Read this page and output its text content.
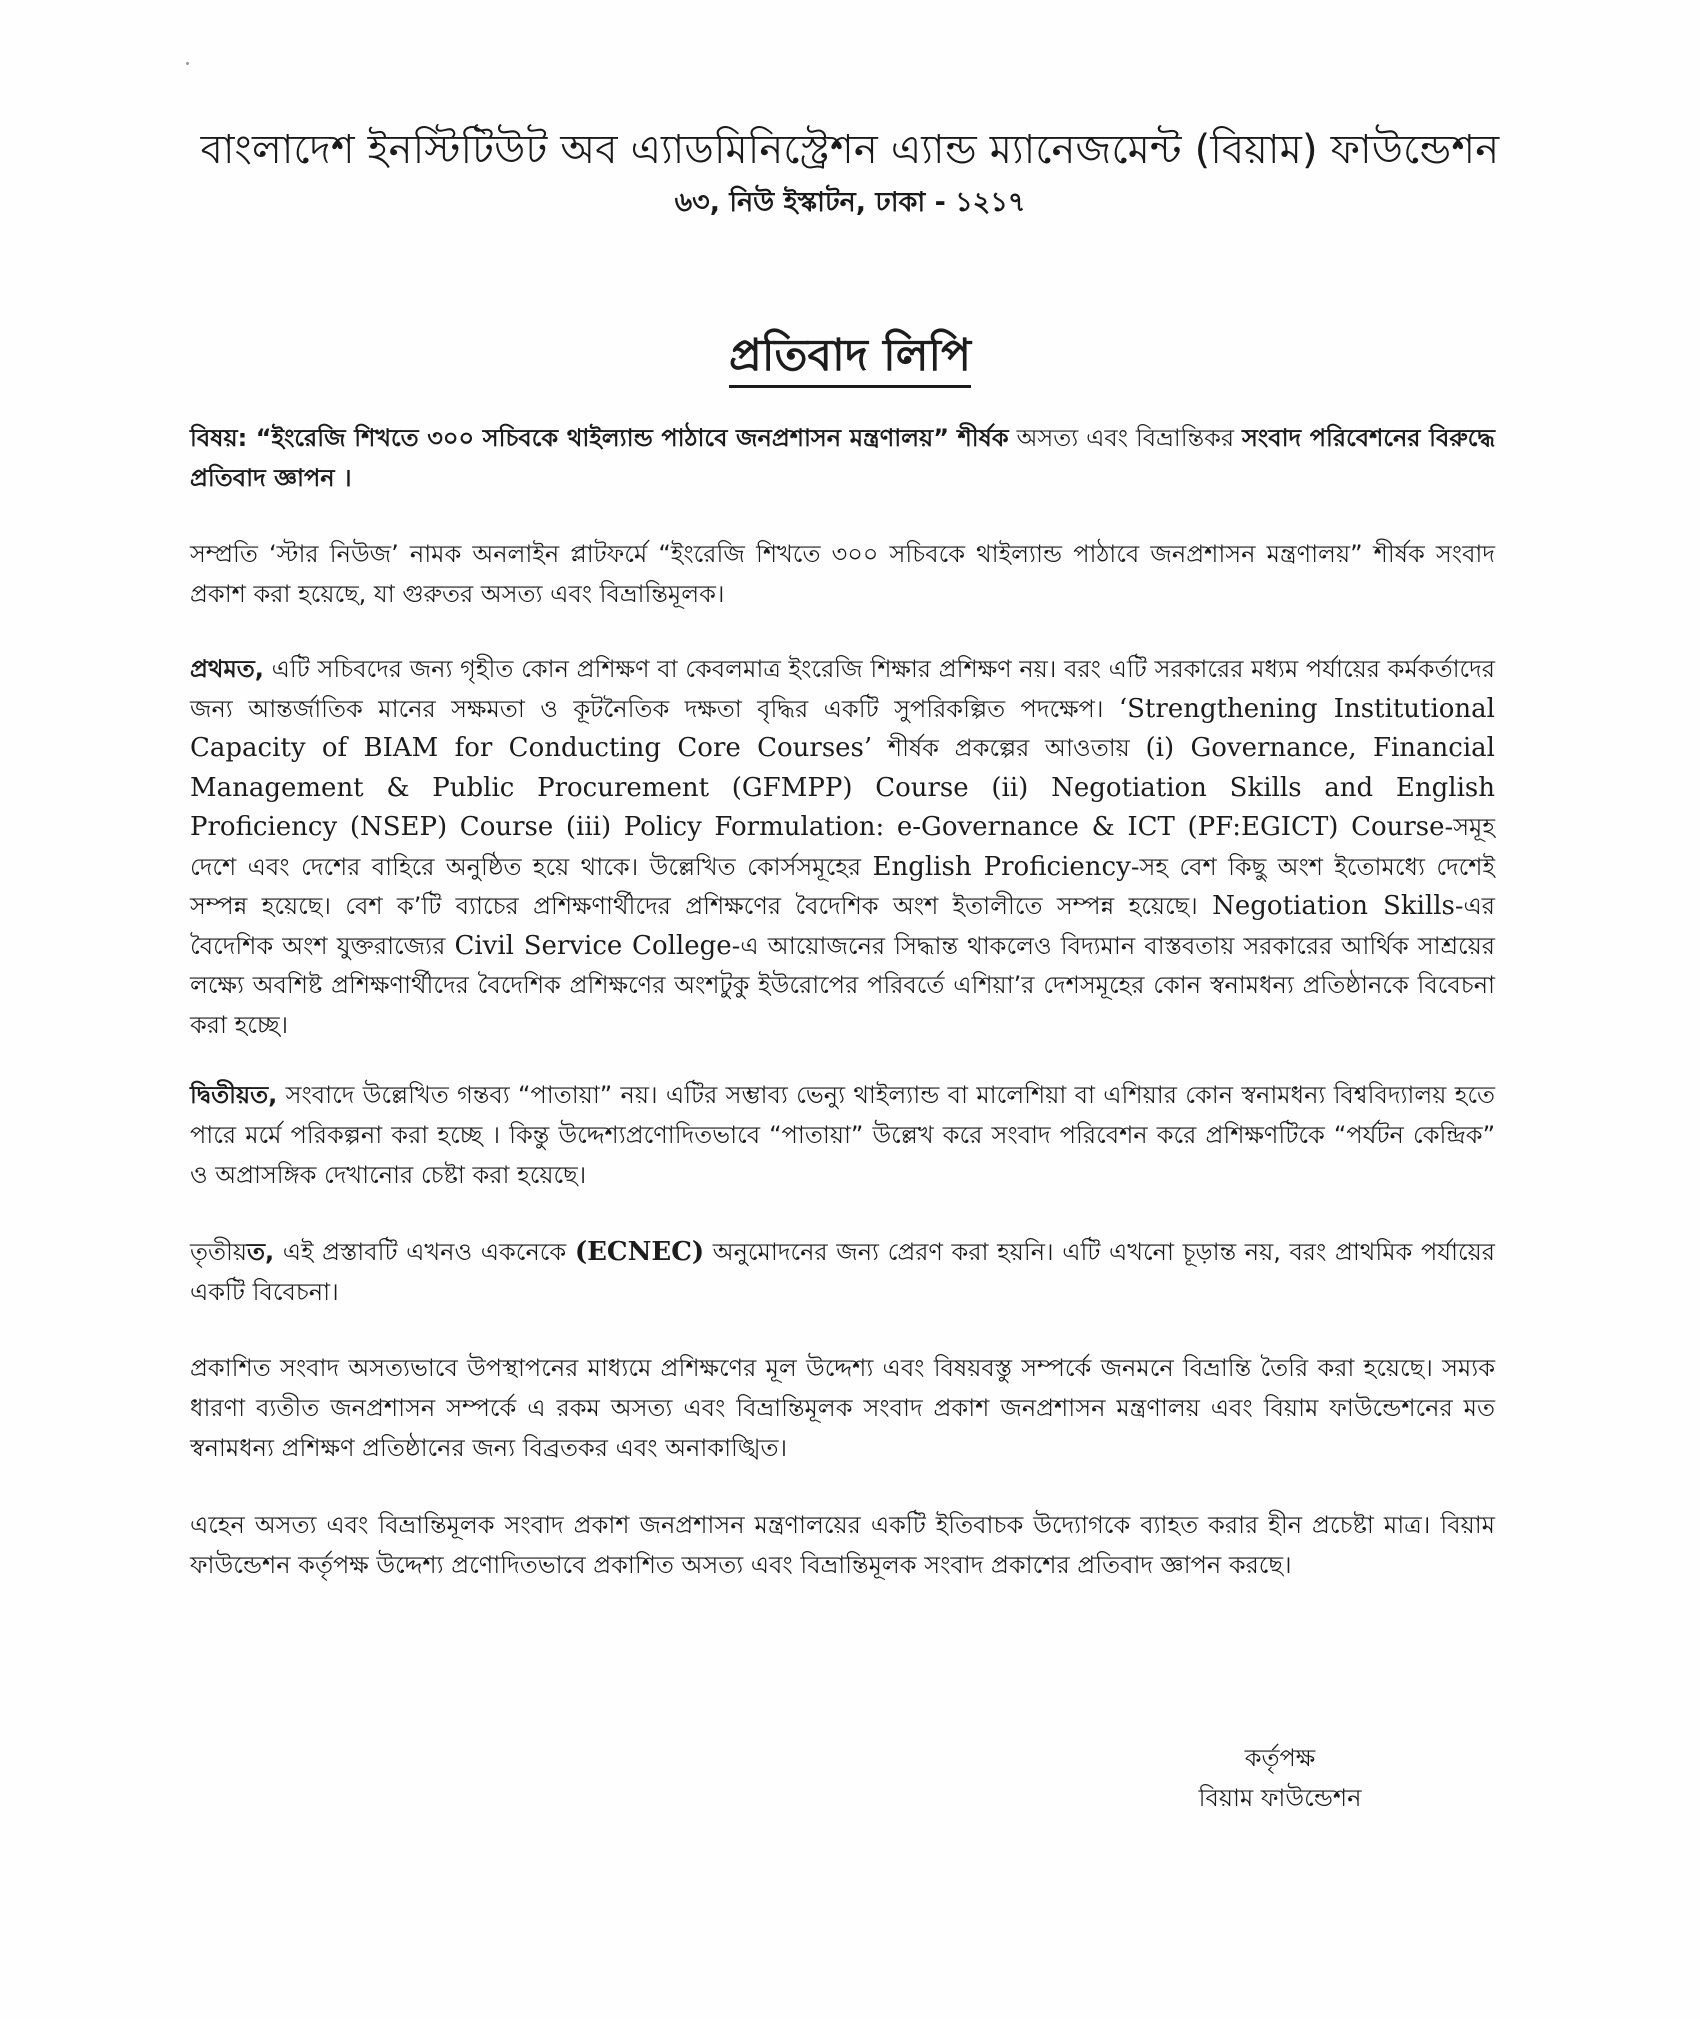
বাংলাদেশ ইনস্টিটিউট অব এ্যাডমিনিস্ট্রেশন এ্যান্ড ম্যানেজমেন্ট (বিয়াম) ফাউন্ডেশন
৬৩, নিউ ইস্কাটন, ঢাকা - ১২১৭
প্রতিবাদ লিপি
বিষয়: “ইংরেজি শিখতে ৩০০ সচিবকে থাইল্যান্ড পাঠাবে জনপ্রশাসন মন্ত্রণালয়” শীর্ষক অসত্য এবং বিভ্রান্তিকর সংবাদ পরিবেশনের বিরুদ্ধে প্রতিবাদ জ্ঞাপন ।
সম্প্রতি ‘স্টার নিউজ’ নামক অনলাইন প্লাটফর্মে “ইংরেজি শিখতে ৩০০ সচিবকে থাইল্যান্ড পাঠাবে জনপ্রশাসন মন্ত্রণালয়” শীর্ষক সংবাদ প্রকাশ করা হয়েছে, যা গুরুতর অসত্য এবং বিভ্রান্তিমূলক।
প্রথমত, এটি সচিবদের জন্য গৃহীত কোন প্রশিক্ষণ বা কেবলমাত্র ইংরেজি শিক্ষার প্রশিক্ষণ নয়। বরং এটি সরকারের মধ্যম পর্যায়ের কর্মকর্তাদের জন্য আন্তর্জাতিক মানের সক্ষমতা ও কূটনৈতিক দক্ষতা বৃদ্ধির একটি সুপরিকল্পিত পদক্ষেপ। ‘Strengthening Institutional Capacity of BIAM for Conducting Core Courses’ শীর্ষক প্রকল্পের আওতায় (i) Governance, Financial Management & Public Procurement (GFMPP) Course (ii) Negotiation Skills and English Proficiency (NSEP) Course (iii) Policy Formulation: e-Governance & ICT (PF:EGICT) Course-সমূহ দেশে এবং দেশের বাহিরে অনুষ্ঠিত হয়ে থাকে। উল্লেখিত কোর্সসমূহের English Proficiency-সহ বেশ কিছু অংশ ইতোমধ্যে দেশেই সম্পন্ন হয়েছে। বেশ ক’টি ব্যাচের প্রশিক্ষণার্থীদের প্রশিক্ষণের বৈদেশিক অংশ ইতালীতে সম্পন্ন হয়েছে। Negotiation Skills-এর বৈদেশিক অংশ যুক্তরাজ্যের Civil Service College-এ আয়োজনের সিদ্ধান্ত থাকলেও বিদ্যমান বাস্তবতায় সরকারের আর্থিক সাশ্রয়ের লক্ষ্যে অবশিষ্ট প্রশিক্ষণার্থীদের বৈদেশিক প্রশিক্ষণের অংশটুকু ইউরোপের পরিবর্তে এশিয়া’র দেশসমূহের কোন স্বনামধন্য প্রতিষ্ঠানকে বিবেচনা করা হচ্ছে।
দ্বিতীয়ত, সংবাদে উল্লেখিত গন্তব্য “পাতায়া” নয়। এটির সম্ভাব্য ভেন্যু থাইল্যান্ড বা মালেশিয়া বা এশিয়ার কোন স্বনামধন্য বিশ্ববিদ্যালয় হতে পারে মর্মে পরিকল্পনা করা হচ্ছে । কিন্তু উদ্দেশ্যপ্রণোদিতভাবে “পাতায়া” উল্লেখ করে সংবাদ পরিবেশন করে প্রশিক্ষণটিকে “পর্যটন কেন্দ্রিক” ও অপ্রাসঙ্গিক দেখানোর চেষ্টা করা হয়েছে।
তৃতীয়ত, এই প্রস্তাবটি এখনও একনেকে (ECNEC) অনুমোদনের জন্য প্রেরণ করা হয়নি। এটি এখনো চূড়ান্ত নয়, বরং প্রাথমিক পর্যায়ের একটি বিবেচনা।
প্রকাশিত সংবাদ অসত্যভাবে উপস্থাপনের মাধ্যমে প্রশিক্ষণের মূল উদ্দেশ্য এবং বিষয়বস্তু সম্পর্কে জনমনে বিভ্রান্তি তৈরি করা হয়েছে। সম্যক ধারণা ব্যতীত জনপ্রশাসন সম্পর্কে এ রকম অসত্য এবং বিভ্রান্তিমূলক সংবাদ প্রকাশ জনপ্রশাসন মন্ত্রণালয় এবং বিয়াম ফাউন্ডেশনের মত স্বনামধন্য প্রশিক্ষণ প্রতিষ্ঠানের জন্য বিব্রতকর এবং অনাকাঙ্খিত।
এহেন অসত্য এবং বিভ্রান্তিমূলক সংবাদ প্রকাশ জনপ্রশাসন মন্ত্রণালয়ের একটি ইতিবাচক উদ্যোগকে ব্যাহত করার হীন প্রচেষ্টা মাত্র। বিয়াম ফাউন্ডেশন কর্তৃপক্ষ উদ্দেশ্য প্রণোদিতভাবে প্রকাশিত অসত্য এবং বিভ্রান্তিমূলক সংবাদ প্রকাশের প্রতিবাদ জ্ঞাপন করছে।
কর্তৃপক্ষ
বিয়াম ফাউন্ডেশন
